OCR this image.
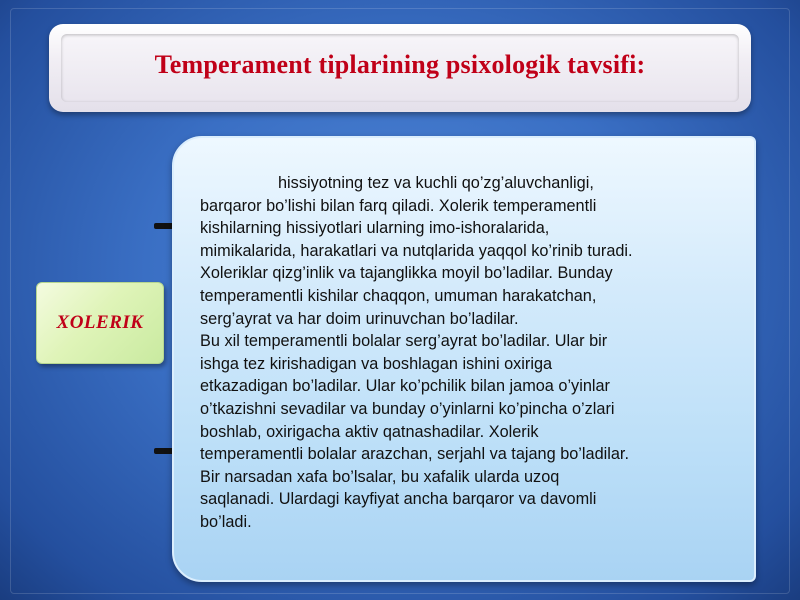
Temperament tiplarining psixologik tavsifi:
XOLERIK
hissiyotning tez va kuchli qo’zg’aluvchanligi,
barqaror bo’lishi bilan farq qiladi. Xolerik temperamentli
kishilarning hissiyotlari ularning imo-ishoralarida,
mimikalarida, harakatlari va nutqlarida yaqqol ko’rinib turadi.
Xoleriklar qizg’inlik va tajanglikka moyil bo’ladilar. Bunday
temperamentli kishilar chaqqon, umuman harakatchan,
serg’ayrat va har doim urinuvchan bo’ladilar.
Bu xil temperamentli bolalar serg’ayrat bo’ladilar. Ular bir
ishga tez kirishadigan va boshlagan ishini oxiriga
etkazadigan bo’ladilar. Ular ko’pchilik bilan jamoa o’yinlar
o’tkazishni sevadilar va bunday o’yinlarni ko’pincha o’zlari
boshlab, oxirigacha aktiv qatnashadilar. Xolerik
temperamentli bolalar arazchan, serjahl va tajang bo’ladilar.
Bir narsadan xafa bo’lsalar, bu xafalik ularda uzoq
saqlanadi. Ulardagi kayfiyat ancha barqaror va davomli
bo’ladi.
